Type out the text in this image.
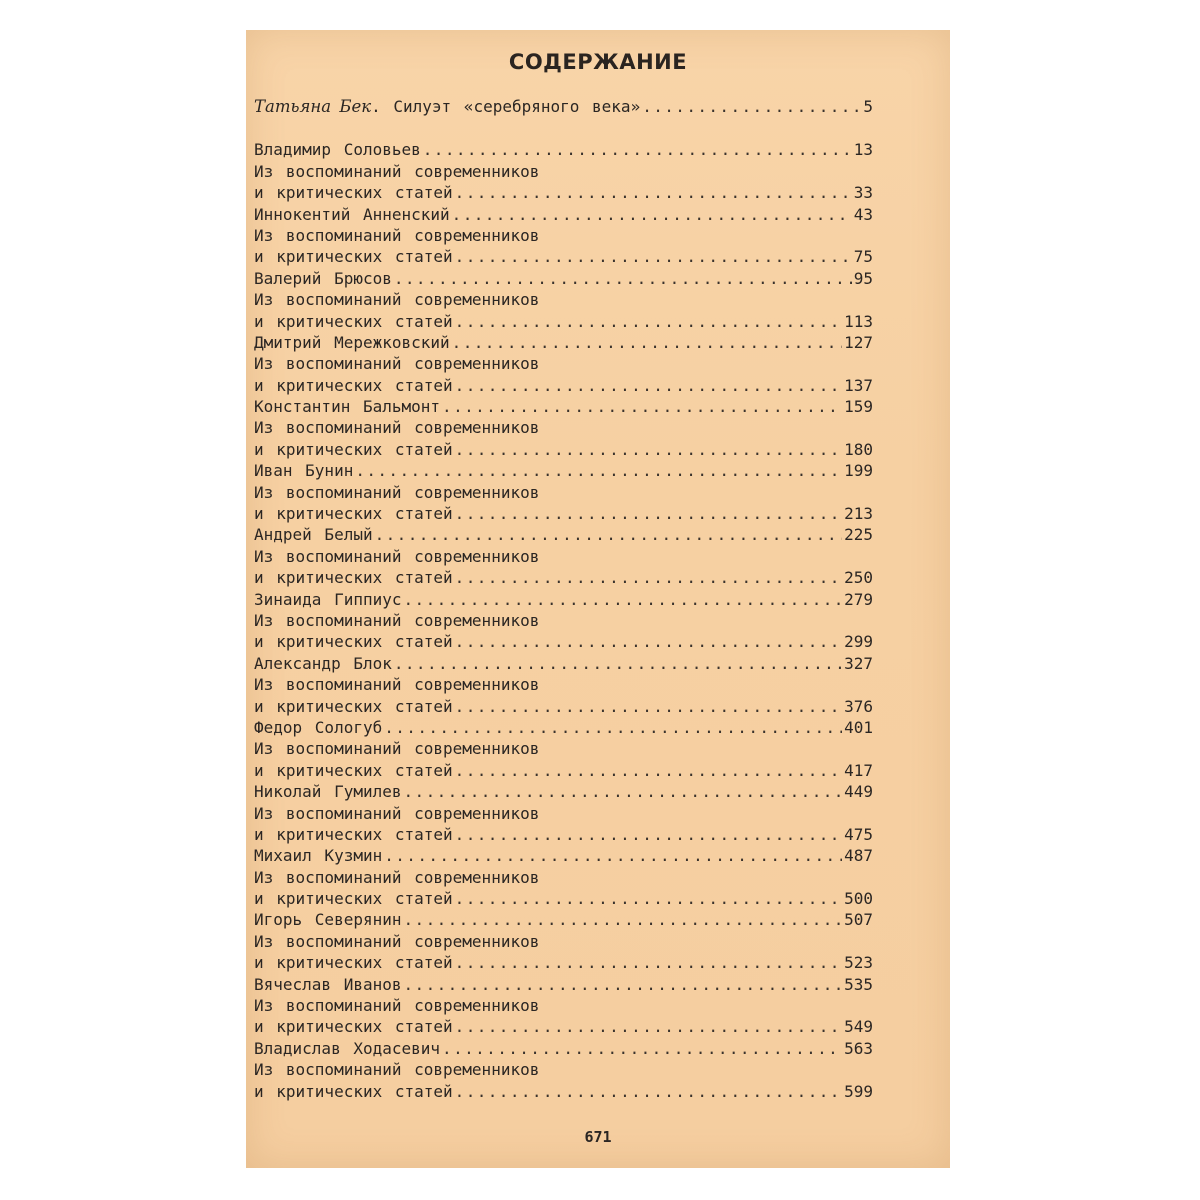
СОДЕРЖАНИЕ
Татьяна Бек. Силуэт «серебряного века» .....	5
Владимир Соловьев .....	13
Из воспоминаний современников
и критических статей .....	33
Иннокентий Анненский .....	43
Из воспоминаний современников
и критических статей .....	75
Валерий Брюсов .....	95
Из воспоминаний современников
и критических статей .....	113
Дмитрий Мережковский .....	127
Из воспоминаний современников
и критических статей .....	137
Константин Бальмонт .....	159
Из воспоминаний современников
и критических статей .....	180
Иван Бунин .....	199
Из воспоминаний современников
и критических статей .....	213
Андрей Белый .....	225
Из воспоминаний современников
и критических статей .....	250
Зинаида Гиппиус .....	279
Из воспоминаний современников
и критических статей .....	299
Александр Блок .....	327
Из воспоминаний современников
и критических статей .....	376
Федор Сологуб .....	401
Из воспоминаний современников
и критических статей .....	417
Николай Гумилев .....	449
Из воспоминаний современников
и критических статей .....	475
Михаил Кузмин .....	487
Из воспоминаний современников
и критических статей .....	500
Игорь Северянин .....	507
Из воспоминаний современников
и критических статей .....	523
Вячеслав Иванов .....	535
Из воспоминаний современников
и критических статей .....	549
Владислав Ходасевич .....	563
Из воспоминаний современников
и критических статей .....	599
671
